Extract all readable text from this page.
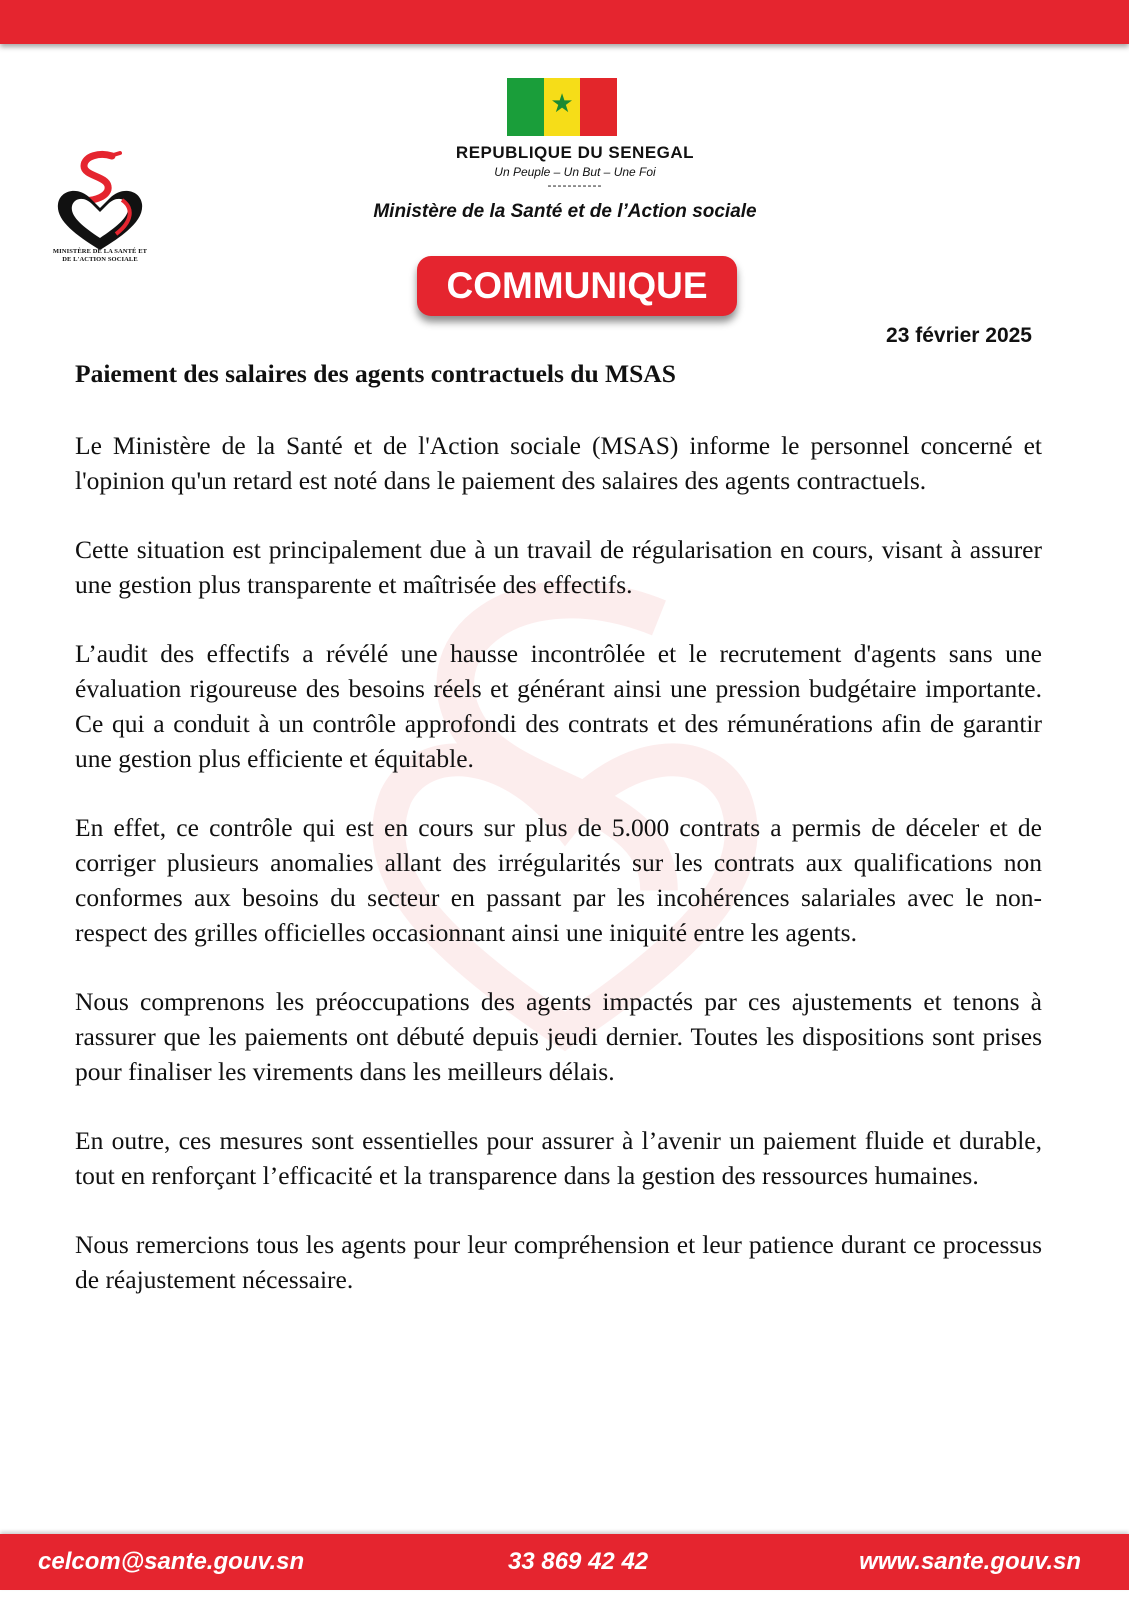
★
REPUBLIQUE DU SENEGAL
Un Peuple – Un But – Une Foi
-----------
Ministère de la Santé et de l’Action sociale
MINISTÈRE DE LA SANTÉ ET DE L'ACTION SOCIALE
COMMUNIQUE
23 février 2025
Paiement des salaires des agents contractuels du MSAS

Le Ministère de la Santé et de l'Action sociale (MSAS) informe le personnel concerné et l'opinion qu'un retard est noté dans le paiement des salaires des agents contractuels.

Cette situation est principalement due à un travail de régularisation en cours, visant à assurer une gestion plus transparente et maîtrisée des effectifs.

L’audit des effectifs a révélé une hausse incontrôlée et le recrutement d'agents sans une évaluation rigoureuse des besoins réels et générant ainsi une pression budgétaire importante. Ce qui a conduit à un contrôle approfondi des contrats et des rémunérations afin de garantir une gestion plus efficiente et équitable.

En effet, ce contrôle qui est en cours sur plus de 5.000 contrats a permis de déceler et de corriger plusieurs anomalies allant des irrégularités sur les contrats aux qualifications non conformes aux besoins du secteur en passant par les incohérences salariales avec le non-respect des grilles officielles occasionnant ainsi une iniquité entre les agents.

Nous comprenons les préoccupations des agents impactés par ces ajustements et tenons à rassurer que les paiements ont débuté depuis jeudi dernier. Toutes les dispositions sont prises pour finaliser les virements dans les meilleurs délais.

En outre, ces mesures sont essentielles pour assurer à l’avenir un paiement fluide et durable, tout en renforçant l’efficacité et la transparence dans la gestion des ressources humaines.

Nous remercions tous les agents pour leur compréhension et leur patience durant ce processus de réajustement nécessaire.

celcom@sante.gouv.sn	33 869 42 42	www.sante.gouv.sn
